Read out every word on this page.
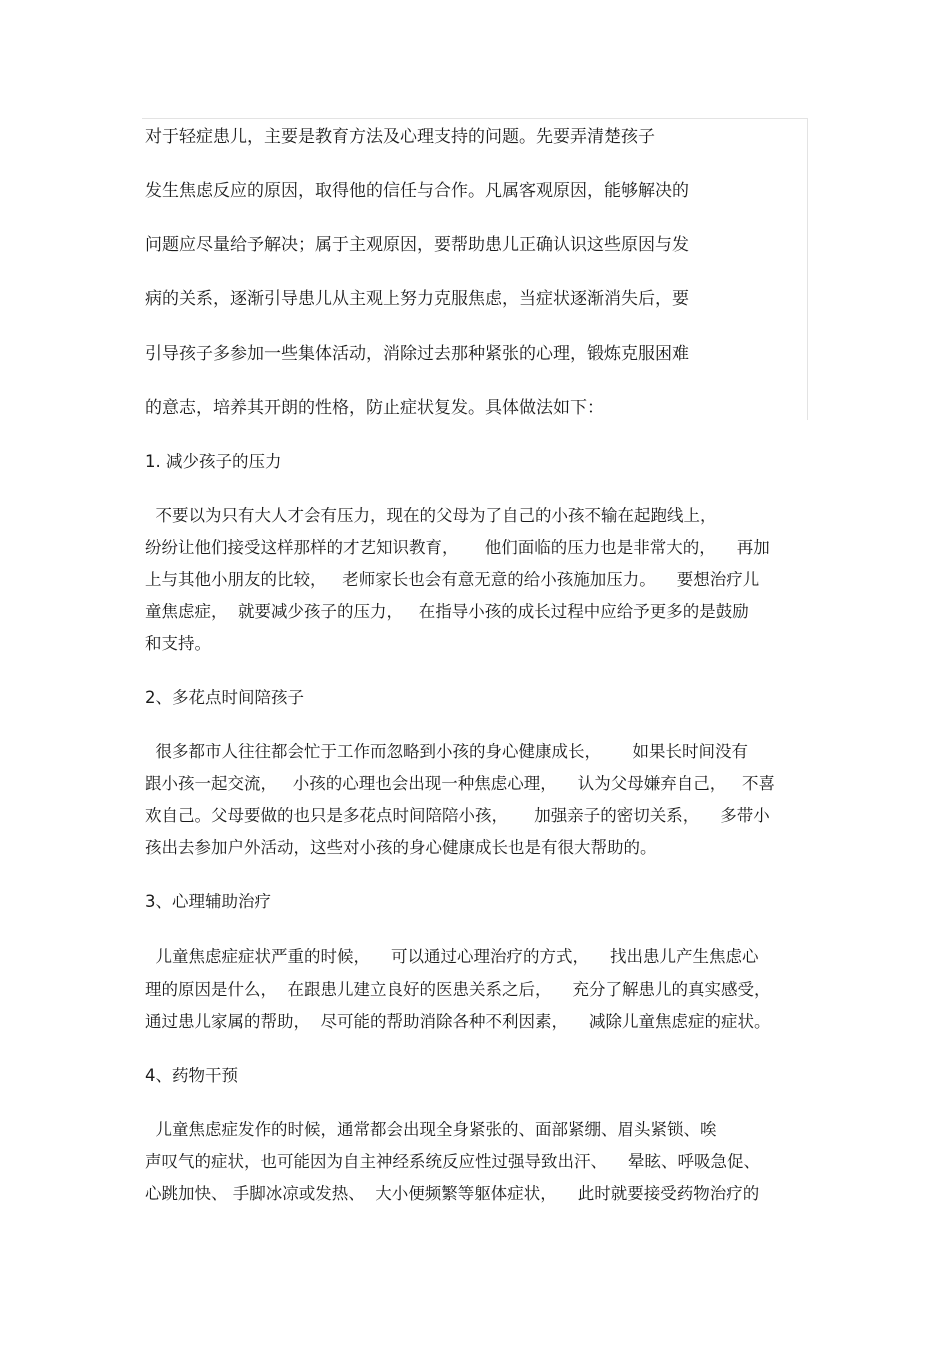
对于轻症患儿，主要是教育方法及心理支持的问题。先要弄清楚孩子
发生焦虑反应的原因，取得他的信任与合作。凡属客观原因，能够解决的
问题应尽量给予解决；属于主观原因，要帮助患儿正确认识这些原因与发
病的关系，逐渐引导患儿从主观上努力克服焦虑，当症状逐渐消失后，要
引导孩子多参加一些集体活动，消除过去那种紧张的心理，锻炼克服困难
的意志，培养其开朗的性格，防止症状复发。具体做法如下：
1. 减少孩子的压力
不要以为只有大人才会有压力，现在的父母为了自己的小孩不输在起跑线上，
纷纷让他们接受这样那样的才艺知识教育，     他们面临的压力也是非常大的，    再加
上与其他小朋友的比较，   老师家长也会有意无意的给小孩施加压力。    要想治疗儿
童焦虑症，  就要减少孩子的压力，   在指导小孩的成长过程中应给予更多的是鼓励
和支持。
2、多花点时间陪孩子
很多都市人往往都会忙于工作而忽略到小孩的身心健康成长，      如果长时间没有
跟小孩一起交流，   小孩的心理也会出现一种焦虑心理，    认为父母嫌弃自己，   不喜
欢自己。父母要做的也只是多花点时间陪陪小孩，     加强亲子的密切关系，    多带小
孩出去参加户外活动，这些对小孩的身心健康成长也是有很大帮助的。
3、心理辅助治疗
儿童焦虑症症状严重的时候，    可以通过心理治疗的方式，    找出患儿产生焦虑心
理的原因是什么，  在跟患儿建立良好的医患关系之后，    充分了解患儿的真实感受，
通过患儿家属的帮助，  尽可能的帮助消除各种不利因素，    减除儿童焦虑症的症状。
4、药物干预
儿童焦虑症发作的时候，通常都会出现全身紧张的、面部紧绷、眉头紧锁、唉
声叹气的症状，也可能因为自主神经系统反应性过强导致出汗、    晕眩、呼吸急促、
心跳加快、 手脚冰凉或发热、  大小便频繁等躯体症状，    此时就要接受药物治疗的
